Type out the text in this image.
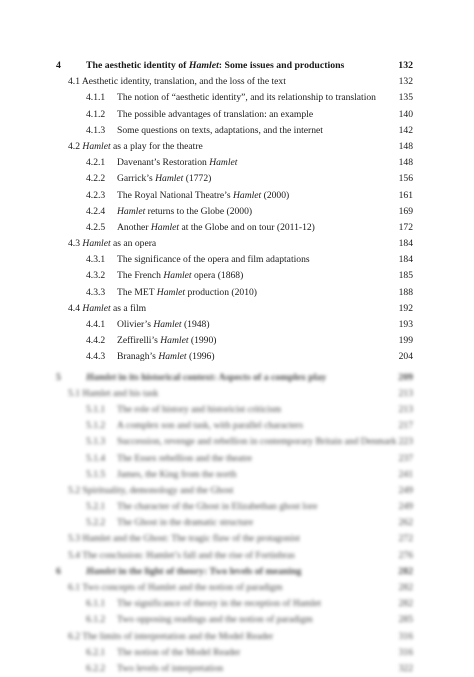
4	The aesthetic identity of Hamlet: Some issues and productions	132
4.1 Aesthetic identity, translation, and the loss of the text	132
4.1.1 The notion of “aesthetic identity”, and its relationship to translation 135
4.1.2 The possible advantages of translation: an example	140
4.1.3 Some questions on texts, adaptations, and the internet	142
4.2 Hamlet as a play for the theatre	148
4.2.1 Davenant’s Restoration Hamlet	148
4.2.2 Garrick’s Hamlet (1772)	156
4.2.3 The Royal National Theatre’s Hamlet (2000)	161
4.2.4 Hamlet returns to the Globe (2000)	169
4.2.5 Another Hamlet at the Globe and on tour (2011-12)	172
4.3 Hamlet as an opera	184
4.3.1 The significance of the opera and film adaptations	184
4.3.2 The French Hamlet opera (1868)	185
4.3.3 The MET Hamlet production (2010)	188
4.4 Hamlet as a film	192
4.4.1 Olivier’s Hamlet (1948)	193
4.4.2 Zeffirelli’s Hamlet (1990)	199
4.4.3 Branagh’s Hamlet (1996)	204
5	Hamlet in its historical context: Aspects of a complex play	209
5.1 Hamlet and his task	213
5.1.1 The role of history and historicist criticism	213
5.1.2 A complex son and task, with parallel characters	217
5.1.3 Succession, revenge and rebellion in contemporary Britain and Denmark 223
5.1.4 The Essex rebellion and the theatre	237
5.1.5 James, the King from the north	241
5.2 Spirituality, demonology and the Ghost	249
5.2.1 The character of the Ghost in Elizabethan ghost lore	249
5.2.2 The Ghost in the dramatic structure	262
5.3 Hamlet and the Ghost: The tragic flaw of the protagonist	272
5.4 The conclusion: Hamlet’s fall and the rise of Fortinbras	276
6	Hamlet in the light of theory: Two levels of meaning	282
6.1 Two concepts of Hamlet and the notion of paradigm	282
6.1.1 The significance of theory in the reception of Hamlet	282
6.1.2 Two opposing readings and the notion of paradigm	285
6.2 The limits of interpretation and the Model Reader	316
6.2.1 The notion of the Model Reader	316
6.2.2 Two levels of interpretation	322
